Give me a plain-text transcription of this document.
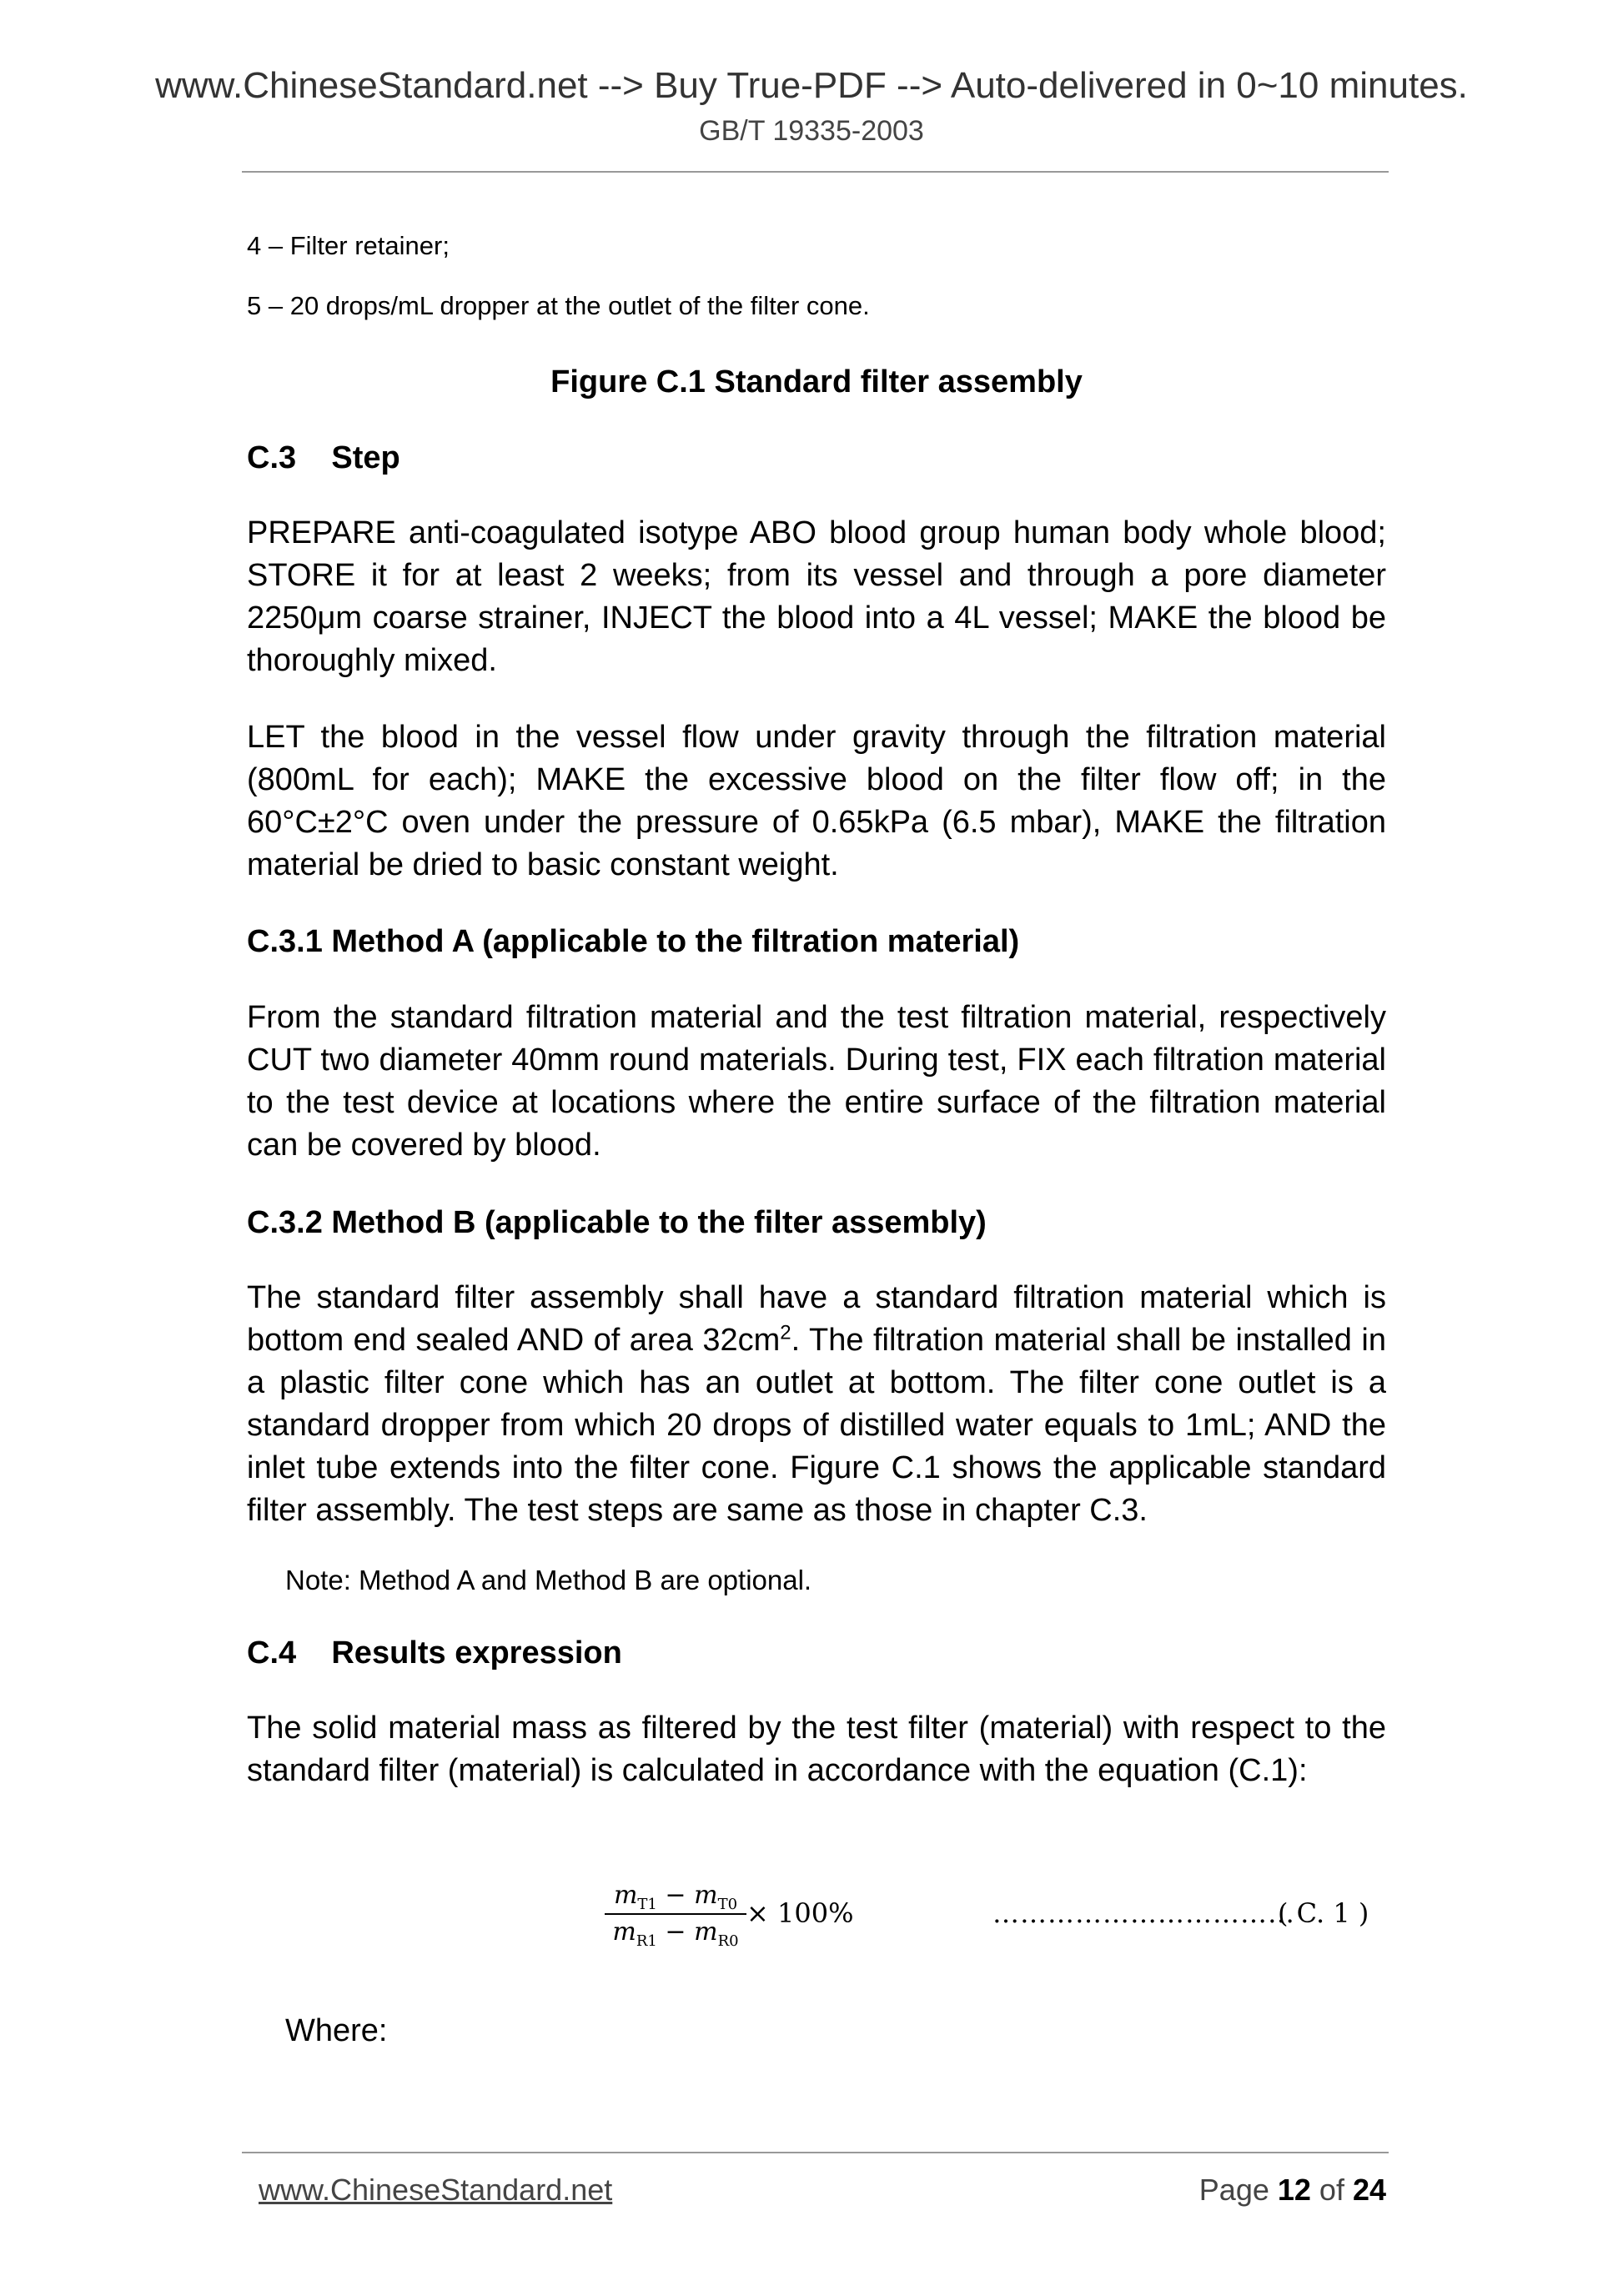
www.ChineseStandard.net --> Buy True-PDF --> Auto-delivered in 0~10 minutes.
GB/T 19335-2003
4 – Filter retainer;
5 – 20 drops/mL dropper at the outlet of the filter cone.
Figure C.1 Standard filter assembly
C.3    Step
PREPARE anti-coagulated isotype ABO blood group human body whole blood; STORE it for at least 2 weeks; from its vessel and through a pore diameter 2250μm coarse strainer, INJECT the blood into a 4L vessel; MAKE the blood be thoroughly mixed.
LET the blood in the vessel flow under gravity through the filtration material (800mL for each); MAKE the excessive blood on the filter flow off; in the 60°C±2°C oven under the pressure of 0.65kPa (6.5 mbar), MAKE the filtration material be dried to basic constant weight.
C.3.1 Method A (applicable to the filtration material)
From the standard filtration material and the test filtration material, respectively CUT two diameter 40mm round materials. During test, FIX each filtration material to the test device at locations where the entire surface of the filtration material can be covered by blood.
C.3.2 Method B (applicable to the filter assembly)
The standard filter assembly shall have a standard filtration material which is bottom end sealed AND of area $32cm^2$. The filtration material shall be installed in a plastic filter cone which has an outlet at bottom. The filter cone outlet is a standard dropper from which 20 drops of distilled water equals to 1mL; AND the inlet tube extends into the filter cone. Figure C.1 shows the applicable standard filter assembly. The test steps are same as those in chapter C.3.
Note: Method A and Method B are optional.
C.4    Results expression
The solid material mass as filtered by the test filter (material) with respect to the standard filter (material) is calculated in accordance with the equation (C.1):
$m_{T1} - m_{T0}$
$m_{R1} - m_{R0}$
× 100%	……………………………
( C. 1 )
Where:
www.ChineseStandard.net	Page 12 of 24
